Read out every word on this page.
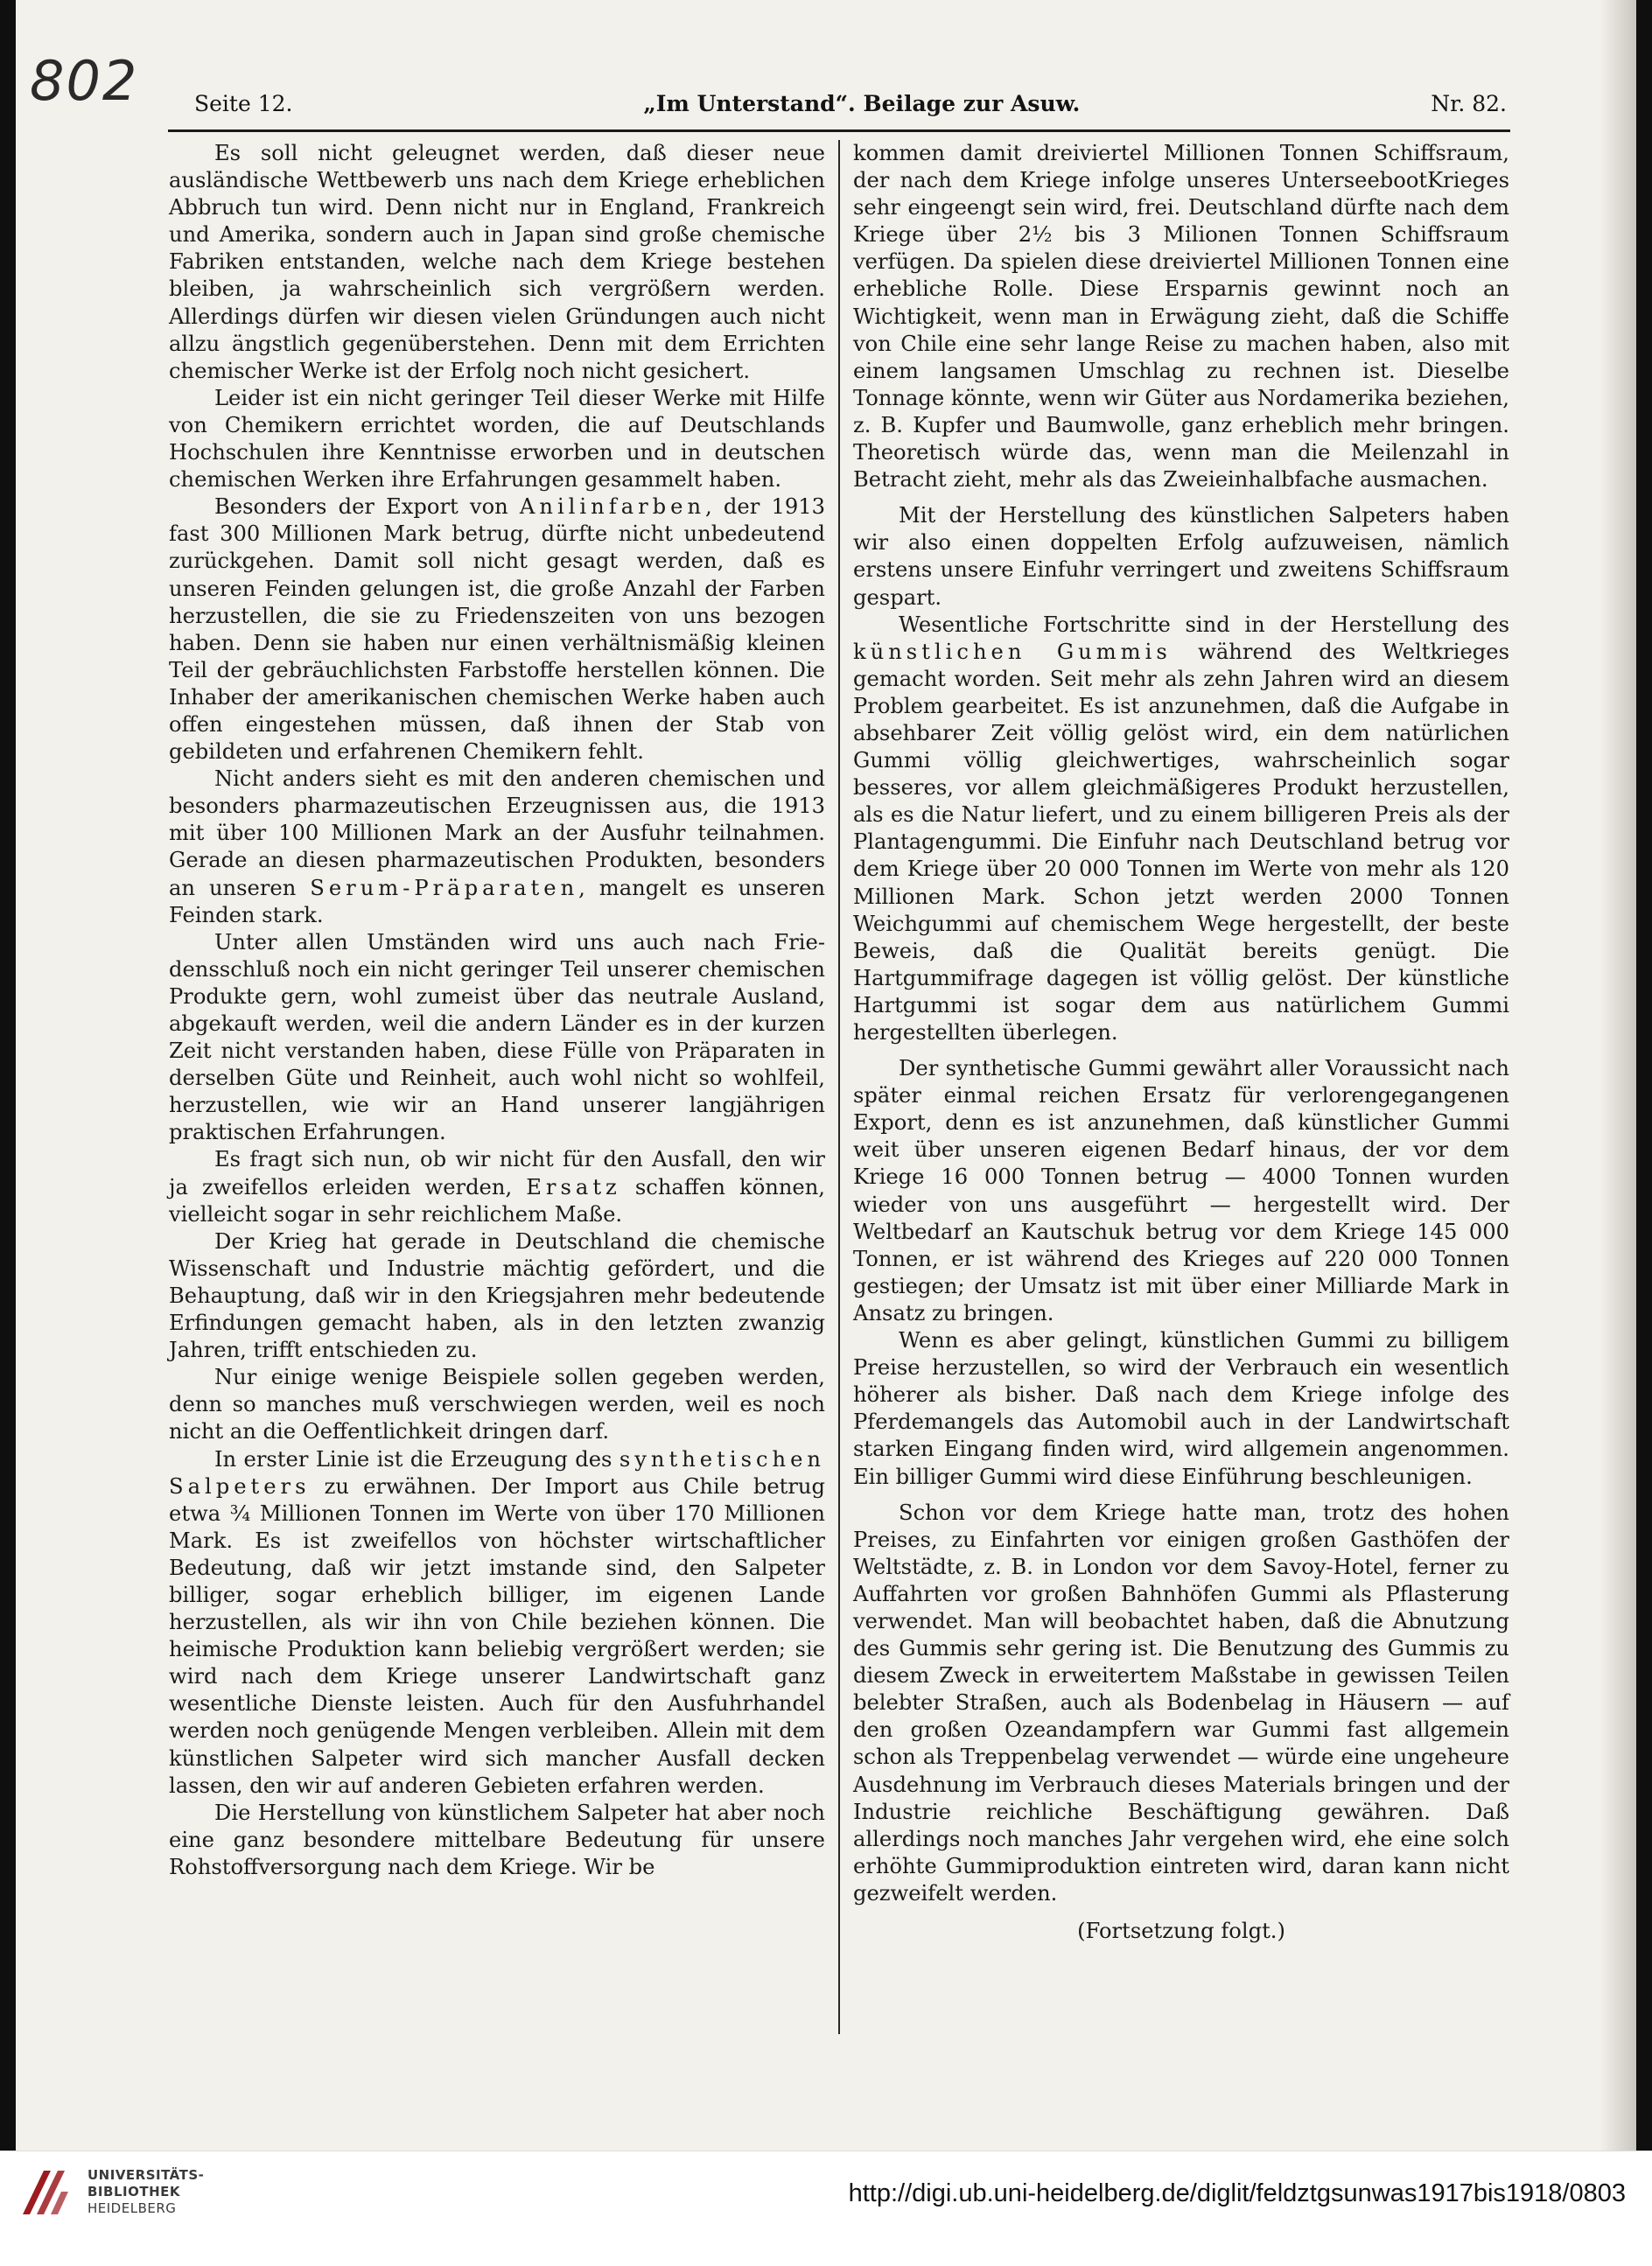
802	Seite 12.	„Im Unterstand“. Beilage zur Asuw.	Nr. 82.

Es soll nicht geleugnet werden, daß dieser neue ausländische Wettbewerb uns nach dem Kriege erheblichen Abbruch tun wird. Denn nicht nur in England, Frankreich und Amerika, sondern auch in Japan sind große chemische Fabriken entstanden, welche nach dem Kriege bestehen bleiben, ja wahrscheinlich sich vergrößern werden. Allerdings dürfen wir diesen vielen Gründungen auch nicht allzu ängstlich gegenüberstehen. Denn mit dem Errichten chemischer Werke ist der Erfolg noch nicht gesichert.

Leider ist ein nicht geringer Teil dieser Werke mit Hilfe von Chemikern errichtet worden, die auf Deutschlands Hochschulen ihre Kenntnisse erworben und in deutschen chemischen Werken ihre Erfahrungen gesammelt haben.

Besonders der Export von Anilinfarben, der 1913 fast 300 Millionen Mark betrug, dürfte nicht unbedeutend zurückgehen. Damit soll nicht gesagt werden, daß es unseren Feinden gelungen ist, die große Anzahl der Farben herzustellen, die sie zu Friedenszeiten von uns bezogen haben. Denn sie haben nur einen verhältnismäßig kleinen Teil der gebräuchlichsten Farbstoffe herstellen können. Die Inhaber der amerikanischen chemischen Werke haben auch offen eingestehen müssen, daß ihnen der Stab von gebildeten und erfahrenen Chemikern fehlt.

Nicht anders sieht es mit den anderen chemischen und besonders pharmazeutischen Erzeugnissen aus, die 1913 mit über 100 Millionen Mark an der Ausfuhr teilnahmen. Gerade an diesen pharmazeutischen Produkten, besonders an unseren Serum-Präparaten, mangelt es unseren Feinden stark.

Unter allen Umständen wird uns auch nach Friedensschluß noch ein nicht geringer Teil unserer chemischen Produkte gern, wohl zumeist über das neutrale Ausland, abgekauft werden, weil die andern Länder es in der kurzen Zeit nicht verstanden haben, diese Fülle von Präparaten in derselben Güte und Reinheit, auch wohl nicht so wohlfeil, herzustellen, wie wir an Hand unserer langjährigen praktischen Erfahrungen.

Es fragt sich nun, ob wir nicht für den Ausfall, den wir ja zweifellos erleiden werden, Ersatz schaffen können, vielleicht sogar in sehr reichlichem Maße.

Der Krieg hat gerade in Deutschland die chemische Wissenschaft und Industrie mächtig gefördert, und die Behauptung, daß wir in den Kriegsjahren mehr bedeutende Erfindungen gemacht haben, als in den letzten zwanzig Jahren, trifft entschieden zu.

Nur einige wenige Beispiele sollen gegeben werden, denn so manches muß verschwiegen werden, weil es noch nicht an die Oeffentlichkeit dringen darf.

In erster Linie ist die Erzeugung des synthetischen Salpeters zu erwähnen. Der Import aus Chile betrug etwa ¾ Millionen Tonnen im Werte von über 170 Millionen Mark. Es ist zweifellos von höchster wirtschaftlicher Bedeutung, daß wir jetzt imstande sind, den Salpeter billiger, sogar erheblich billiger, im eigenen Lande herzustellen, als wir ihn von Chile beziehen können. Die heimische Produktion kann beliebig vergrößert werden; sie wird nach dem Kriege unserer Landwirtschaft ganz wesentliche Dienste leisten. Auch für den Ausfuhrhandel werden noch genügende Mengen verbleiben. Allein mit dem künstlichen Salpeter wird sich mancher Ausfall decken lassen, den wir auf anderen Gebieten erfahren werden.

Die Herstellung von künstlichem Salpeter hat aber noch eine ganz besondere mittelbare Bedeutung für unsere Rohstoffversorgung nach dem Kriege. Wir be

kommen damit dreiviertel Millionen Tonnen Schiffsraum, der nach dem Kriege infolge unseres UnterseebootKrieges sehr eingeengt sein wird, frei. Deutschland dürfte nach dem Kriege über 2½ bis 3 Milionen Tonnen Schiffsraum verfügen. Da spielen diese dreiviertel Millionen Tonnen eine erhebliche Rolle. Diese Ersparnis gewinnt noch an Wichtigkeit, wenn man in Erwägung zieht, daß die Schiffe von Chile eine sehr lange Reise zu machen haben, also mit einem langsamen Umschlag zu rechnen ist. Dieselbe Tonnage könnte, wenn wir Güter aus Nordamerika beziehen, z. B. Kupfer und Baumwolle, ganz erheblich mehr bringen. Theoretisch würde das, wenn man die Meilenzahl in Betracht zieht, mehr als das Zweieinhalbfache ausmachen.

Mit der Herstellung des künstlichen Salpeters haben wir also einen doppelten Erfolg aufzuweisen, nämlich erstens unsere Einfuhr verringert und zweitens Schiffsraum gespart.

Wesentliche Fortschritte sind in der Herstellung des künstlichen Gummis während des Weltkrieges gemacht worden. Seit mehr als zehn Jahren wird an diesem Problem gearbeitet. Es ist anzunehmen, daß die Aufgabe in absehbarer Zeit völlig gelöst wird, ein dem natürlichen Gummi völlig gleichwertiges, wahrscheinlich sogar besseres, vor allem gleichmäßigeres Produkt herzustellen, als es die Natur liefert, und zu einem billigeren Preis als der Plantagengummi. Die Einfuhr nach Deutschland betrug vor dem Kriege über 20 000 Tonnen im Werte von mehr als 120 Millionen Mark. Schon jetzt werden 2000 Tonnen Weichgummi auf chemischem Wege hergestellt, der beste Beweis, daß die Qualität bereits genügt. Die Hartgummifrage dagegen ist völlig gelöst. Der künstliche Hartgummi ist sogar dem aus natürlichem Gummi hergestellten überlegen.

Der synthetische Gummi gewährt aller Voraussicht nach später einmal reichen Ersatz für verlorengegangenen Export, denn es ist anzunehmen, daß künstlicher Gummi weit über unseren eigenen Bedarf hinaus, der vor dem Kriege 16 000 Tonnen betrug — 4000 Tonnen wurden wieder von uns ausgeführt — hergestellt wird. Der Weltbedarf an Kautschuk betrug vor dem Kriege 145 000 Tonnen, er ist während des Krieges auf 220 000 Tonnen gestiegen; der Umsatz ist mit über einer Milliarde Mark in Ansatz zu bringen.

Wenn es aber gelingt, künstlichen Gummi zu billigem Preise herzustellen, so wird der Verbrauch ein wesentlich höherer als bisher. Daß nach dem Kriege infolge des Pferdemangels das Automobil auch in der Landwirtschaft starken Eingang finden wird, wird allgemein angenommen. Ein billiger Gummi wird diese Einführung beschleunigen.

Schon vor dem Kriege hatte man, trotz des hohen Preises, zu Einfahrten vor einigen großen Gasthöfen der Weltstädte, z. B. in London vor dem Savoy-Hotel, ferner zu Auffahrten vor großen Bahnhöfen Gummi als Pflasterung verwendet. Man will beobachtet haben, daß die Abnutzung des Gummis sehr gering ist. Die Benutzung des Gummis zu diesem Zweck in erweitertem Maßstabe in gewissen Teilen belebter Straßen, auch als Bodenbelag in Häusern — auf den großen Ozeandampfern war Gummi fast allgemein schon als Treppenbelag verwendet — würde eine ungeheure Ausdehnung im Verbrauch dieses Materials bringen und der Industrie reichliche Beschäftigung gewähren. Daß allerdings noch manches Jahr vergehen wird, ehe eine solch erhöhte Gummiproduktion eintreten wird, daran kann nicht gezweifelt werden.

(Fortsetzung folgt.)
UNIVERSITÄTS-
BIBLIOTHEK
HEIDELBERG
http://digi.ub.uni-heidelberg.de/diglit/feldztgsunwas1917bis1918/0803
